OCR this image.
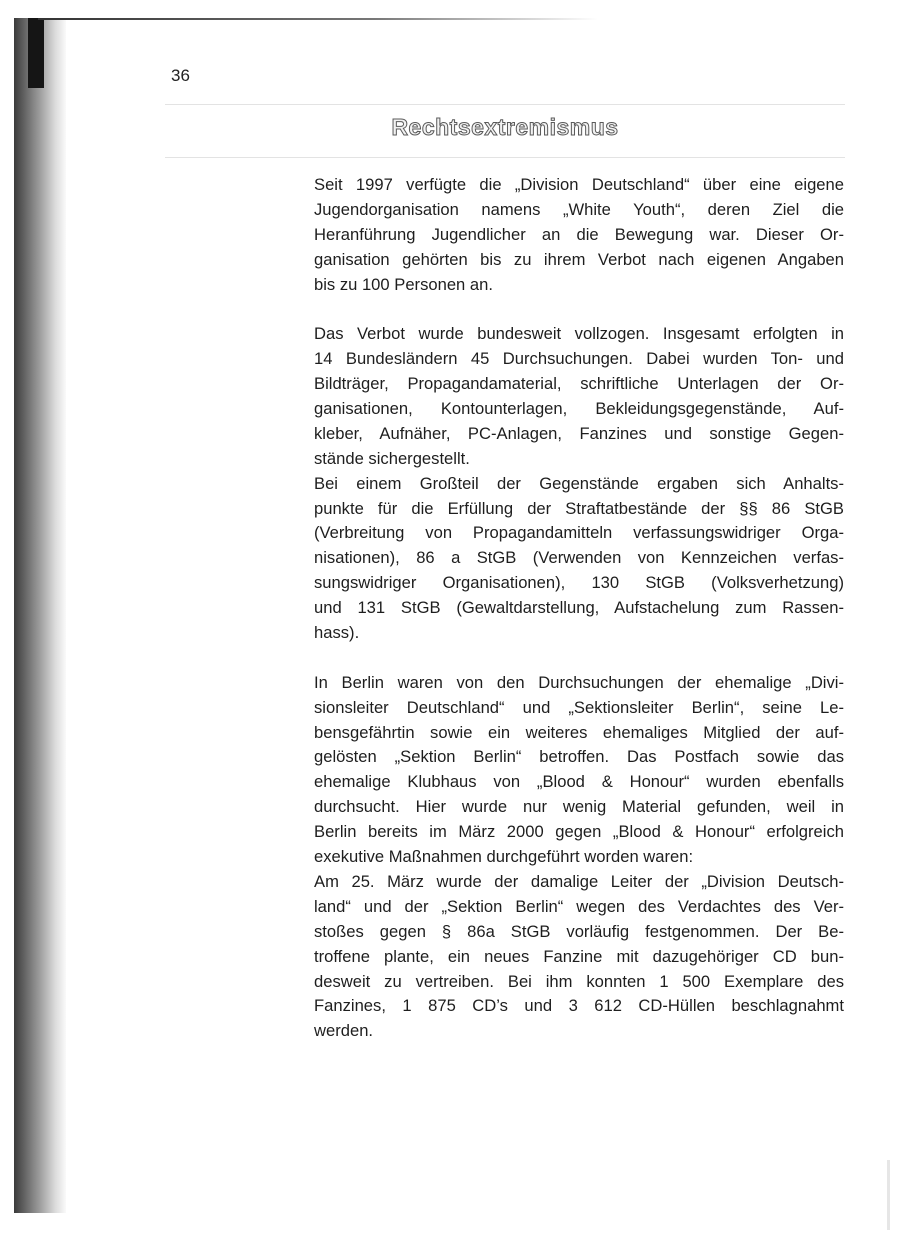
36
Rechtsextremismus
Seit 1997 verfügte die „Division Deutschland“ über eine eigene
Jugendorganisation namens „White Youth“, deren Ziel die
Heranführung Jugendlicher an die Bewegung war. Dieser Or-
ganisation gehörten bis zu ihrem Verbot nach eigenen Angaben
bis zu 100 Personen an.
Das Verbot wurde bundesweit vollzogen. Insgesamt erfolgten in
14 Bundesländern 45 Durchsuchungen. Dabei wurden Ton- und
Bildträger, Propagandamaterial, schriftliche Unterlagen der Or-
ganisationen, Kontounterlagen, Bekleidungsgegenstände, Auf-
kleber, Aufnäher, PC-Anlagen, Fanzines und sonstige Gegen-
stände sichergestellt.
Bei einem Großteil der Gegenstände ergaben sich Anhalts-
punkte für die Erfüllung der Straftatbestände der §§ 86 StGB
(Verbreitung von Propagandamitteln verfassungswidriger Orga-
nisationen), 86 a StGB (Verwenden von Kennzeichen verfas-
sungswidriger Organisationen), 130 StGB (Volksverhetzung)
und 131 StGB (Gewaltdarstellung, Aufstachelung zum Rassen-
hass).
In Berlin waren von den Durchsuchungen der ehemalige „Divi-
sionsleiter Deutschland“ und „Sektionsleiter Berlin“, seine Le-
bensgefährtin sowie ein weiteres ehemaliges Mitglied der auf-
gelösten „Sektion Berlin“ betroffen. Das Postfach sowie das
ehemalige Klubhaus von „Blood & Honour“ wurden ebenfalls
durchsucht. Hier wurde nur wenig Material gefunden, weil in
Berlin bereits im März 2000 gegen „Blood & Honour“ erfolgreich
exekutive Maßnahmen durchgeführt worden waren:
Am 25. März wurde der damalige Leiter der „Division Deutsch-
land“ und der „Sektion Berlin“ wegen des Verdachtes des Ver-
stoßes gegen § 86a StGB vorläufig festgenommen. Der Be-
troffene plante, ein neues Fanzine mit dazugehöriger CD bun-
desweit zu vertreiben. Bei ihm konnten 1 500 Exemplare des
Fanzines, 1 875 CD’s und 3 612 CD-Hüllen beschlagnahmt
werden.
